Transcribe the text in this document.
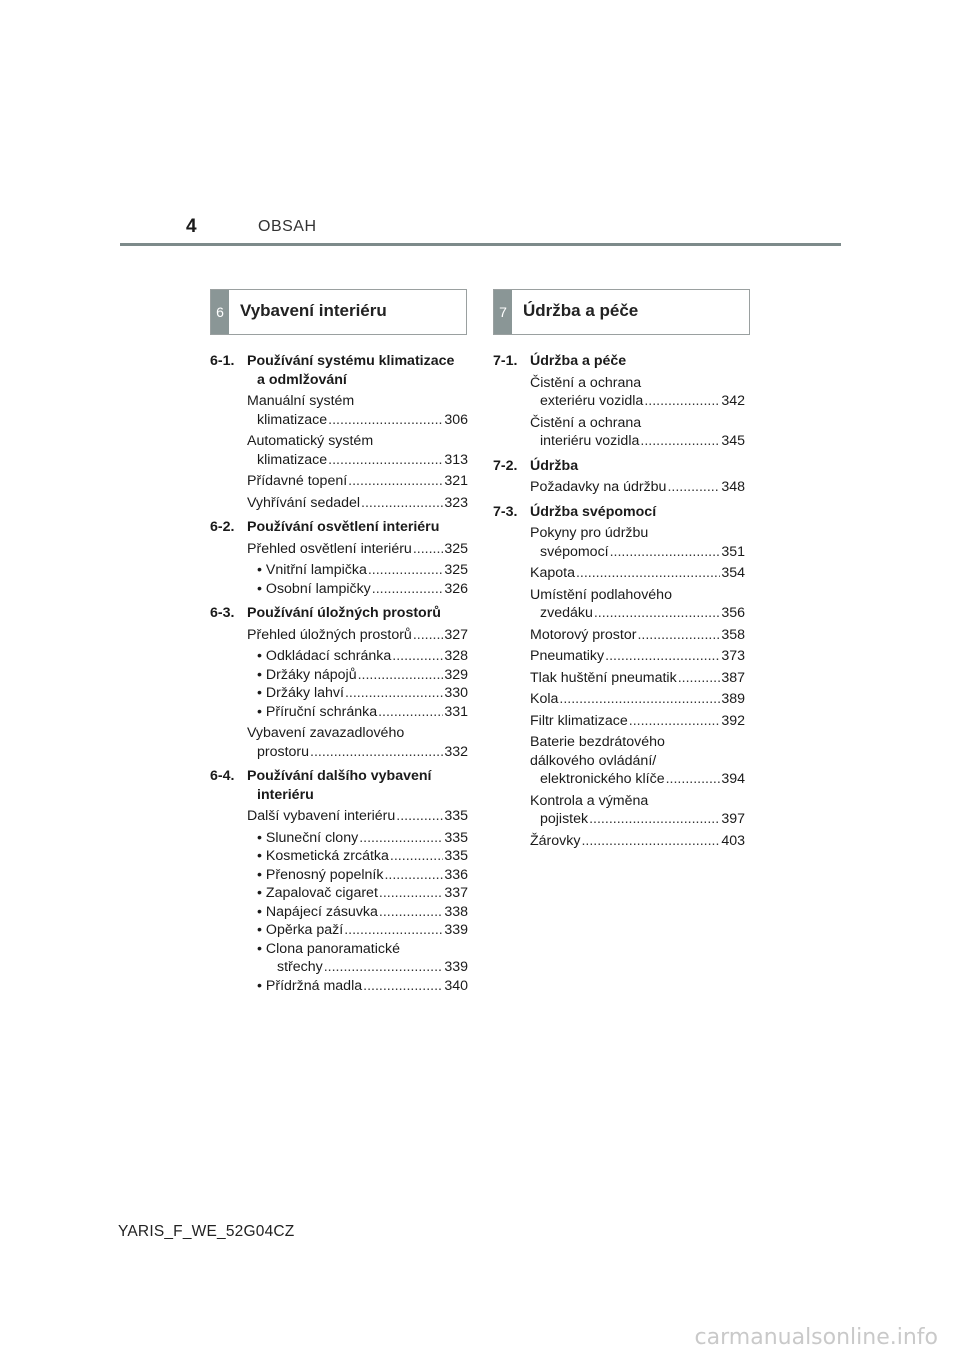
4	OBSAH
6 Vybavení interiéru	7 Údržba a péče
6-1. Používání systému klimatizace
a odmlžování
Manuální systém
klimatizace .....	306
Automatický systém
klimatizace .....	313
Přídavné topení .....	321
Vyhřívání sedadel .....	323
6-2. Používání osvětlení interiéru
Přehled osvětlení interiéru ..... 325
• Vnitřní lampička .....	325
• Osobní lampičky .....	326
6-3. Používání úložných prostorů
Přehled úložných prostorů ..... 327
• Odkládací schránka .....	328
• Držáky nápojů .....	329
• Držáky lahví .....	330
• Příruční schránka .....	331
Vybavení zavazadlového
prostoru .....	332
6-4. Používání dalšího vybavení
interiéru
Další vybavení interiéru .....	335
• Sluneční clony .....	335
• Kosmetická zrcátka .....	335
• Přenosný popelník .....	336
• Zapalovač cigaret .....	337
• Napájecí zásuvka .....	338
• Opěrka paží .....	339
• Clona panoramatické
střechy .....	339
• Přídržná madla .....	340
7-1. Údržba a péče
Čistění a ochrana
exteriéru vozidla .....	342
Čistění a ochrana
interiéru vozidla .....	345
7-2. Údržba
Požadavky na údržbu .....	348
7-3. Údržba svépomocí
Pokyny pro údržbu
svépomocí .....	351
Kapota .....	354
Umístění podlahového
zvedáku .....	356
Motorový prostor .....	358
Pneumatiky .....	373
Tlak huštění pneumatik .....	387
Kola .....	389
Filtr klimatizace .....	392
Baterie bezdrátového
dálkového ovládání/
elektronického klíče .....	394
Kontrola a výměna
pojistek .....	397
Žárovky .....	403
YARIS_F_WE_52G04CZ
carmanualsonline.info
